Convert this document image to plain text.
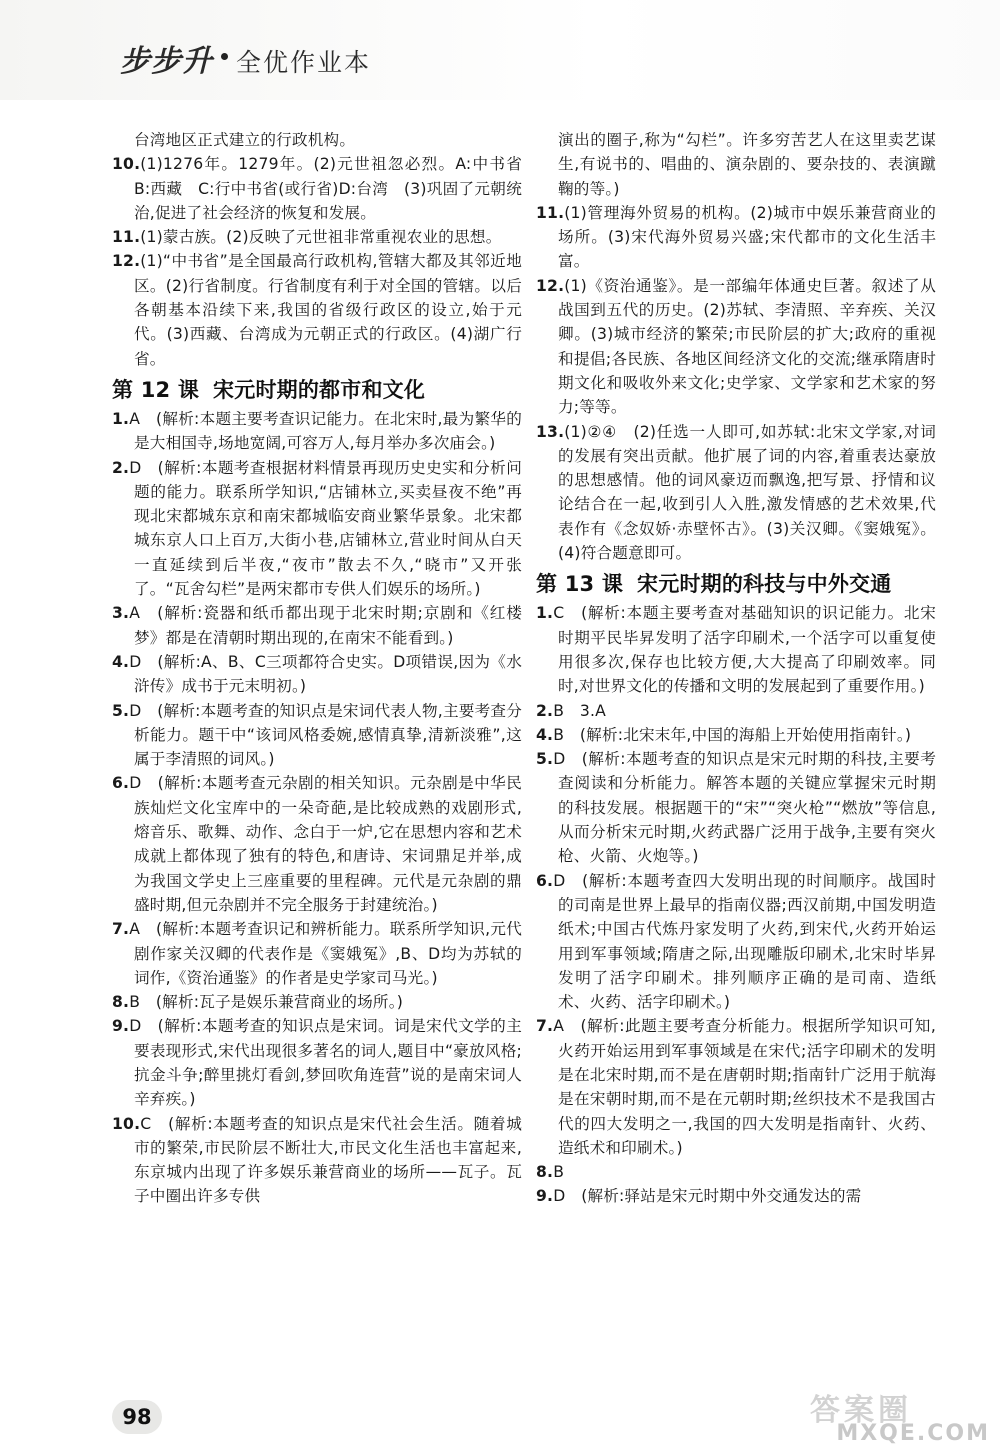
步步升 全优作业本

台湾地区正式建立的行政机构。

10.(1)1276年。1279年。(2)元世祖忽必烈。A:中书省　B:西藏　C:行中书省(或行省)D:台湾　(3)巩固了元朝统治,促进了社会经济的恢复和发展。

11.(1)蒙古族。(2)反映了元世祖非常重视农业的思想。

12.(1)“中书省”是全国最高行政机构,管辖大都及其邻近地区。(2)行省制度。行省制度有利于对全国的管辖。以后各朝基本沿续下来,我国的省级行政区的设立,始于元代。(3)西藏、台湾成为元朝正式的行政区。(4)湖广行省。

第 12 课 宋元时期的都市和文化

1.A　(解析:本题主要考查识记能力。在北宋时,最为繁华的是大相国寺,场地宽阔,可容万人,每月举办多次庙会。)

2.D　(解析:本题考查根据材料情景再现历史史实和分析问题的能力。联系所学知识,“店铺林立,买卖昼夜不绝”再现北宋都城东京和南宋都城临安商业繁华景象。北宋都城东京人口上百万,大街小巷,店铺林立,营业时间从白天一直延续到后半夜,“夜市”散去不久,“晓市”又开张了。“瓦舍勾栏”是两宋都市专供人们娱乐的场所。)

3.A　(解析:瓷器和纸币都出现于北宋时期;京剧和《红楼梦》都是在清朝时期出现的,在南宋不能看到。)

4.D　(解析:A、B、C三项都符合史实。D项错误,因为《水浒传》成书于元末明初。)

5.D　(解析:本题考查的知识点是宋词代表人物,主要考查分析能力。题干中“该词风格委婉,感情真挚,清新淡雅”,这属于李清照的词风。)

6.D　(解析:本题考查元杂剧的相关知识。元杂剧是中华民族灿烂文化宝库中的一朵奇葩,是比较成熟的戏剧形式,熔音乐、歌舞、动作、念白于一炉,它在思想内容和艺术成就上都体现了独有的特色,和唐诗、宋词鼎足并举,成为我国文学史上三座重要的里程碑。元代是元杂剧的鼎盛时期,但元杂剧并不完全服务于封建统治。)

7.A　(解析:本题考查识记和辨析能力。联系所学知识,元代剧作家关汉卿的代表作是《窦娥冤》,B、D均为苏轼的词作,《资治通鉴》的作者是史学家司马光。)

8.B　(解析:瓦子是娱乐兼营商业的场所。)

9.D　(解析:本题考查的知识点是宋词。词是宋代文学的主要表现形式,宋代出现很多著名的词人,题目中“豪放风格;抗金斗争;醉里挑灯看剑,梦回吹角连营”说的是南宋词人辛弃疾。)

10.C　(解析:本题考查的知识点是宋代社会生活。随着城市的繁荣,市民阶层不断壮大,市民文化生活也丰富起来,东京城内出现了许多娱乐兼营商业的场所——瓦子。瓦子中圈出许多专供

演出的圈子,称为“勾栏”。许多穷苦艺人在这里卖艺谋生,有说书的、唱曲的、演杂剧的、要杂技的、表演蹴鞠的等。)

11.(1)管理海外贸易的机构。(2)城市中娱乐兼营商业的场所。(3)宋代海外贸易兴盛;宋代都市的文化生活丰富。

12.(1)《资治通鉴》。是一部编年体通史巨著。叙述了从战国到五代的历史。(2)苏轼、李清照、辛弃疾、关汉卿。(3)城市经济的繁荣;市民阶层的扩大;政府的重视和提倡;各民族、各地区间经济文化的交流;继承隋唐时期文化和吸收外来文化;史学家、文学家和艺术家的努力;等等。

13.(1)②④　(2)任选一人即可,如苏轼:北宋文学家,对词的发展有突出贡献。他扩展了词的内容,着重表达豪放的思想感情。他的词风豪迈而飘逸,把写景、抒情和议论结合在一起,收到引人入胜,激发情感的艺术效果,代表作有《念奴娇·赤壁怀古》。(3)关汉卿。《窦娥冤》。(4)符合题意即可。

第 13 课 宋元时期的科技与中外交通

1.C　(解析:本题主要考查对基础知识的识记能力。北宋时期平民毕昇发明了活字印刷术,一个活字可以重复使用很多次,保存也比较方便,大大提高了印刷效率。同时,对世界文化的传播和文明的发展起到了重要作用。)

2.B　3.A

4.B　(解析:北宋末年,中国的海船上开始使用指南针。)

5.D　(解析:本题考查的知识点是宋元时期的科技,主要考查阅读和分析能力。解答本题的关键应掌握宋元时期的科技发展。根据题干的“宋”“突火枪”“燃放”等信息,从而分析宋元时期,火药武器广泛用于战争,主要有突火枪、火箭、火炮等。)

6.D　(解析:本题考查四大发明出现的时间顺序。战国时的司南是世界上最早的指南仪器;西汉前期,中国发明造纸术;中国古代炼丹家发明了火药,到宋代,火药开始运用到军事领域;隋唐之际,出现雕版印刷术,北宋时毕昇发明了活字印刷术。排列顺序正确的是司南、造纸术、火药、活字印刷术。)

7.A　(解析:此题主要考查分析能力。根据所学知识可知,火药开始运用到军事领域是在宋代;活字印刷术的发明是在北宋时期,而不是在唐朝时期;指南针广泛用于航海是在宋朝时期,而不是在元朝时期;丝织技术不是我国古代的四大发明之一,我国的四大发明是指南针、火药、造纸术和印刷术。)

8.B

9.D　(解析:驿站是宋元时期中外交通发达的需

98	答案圈
MXQE.COM
